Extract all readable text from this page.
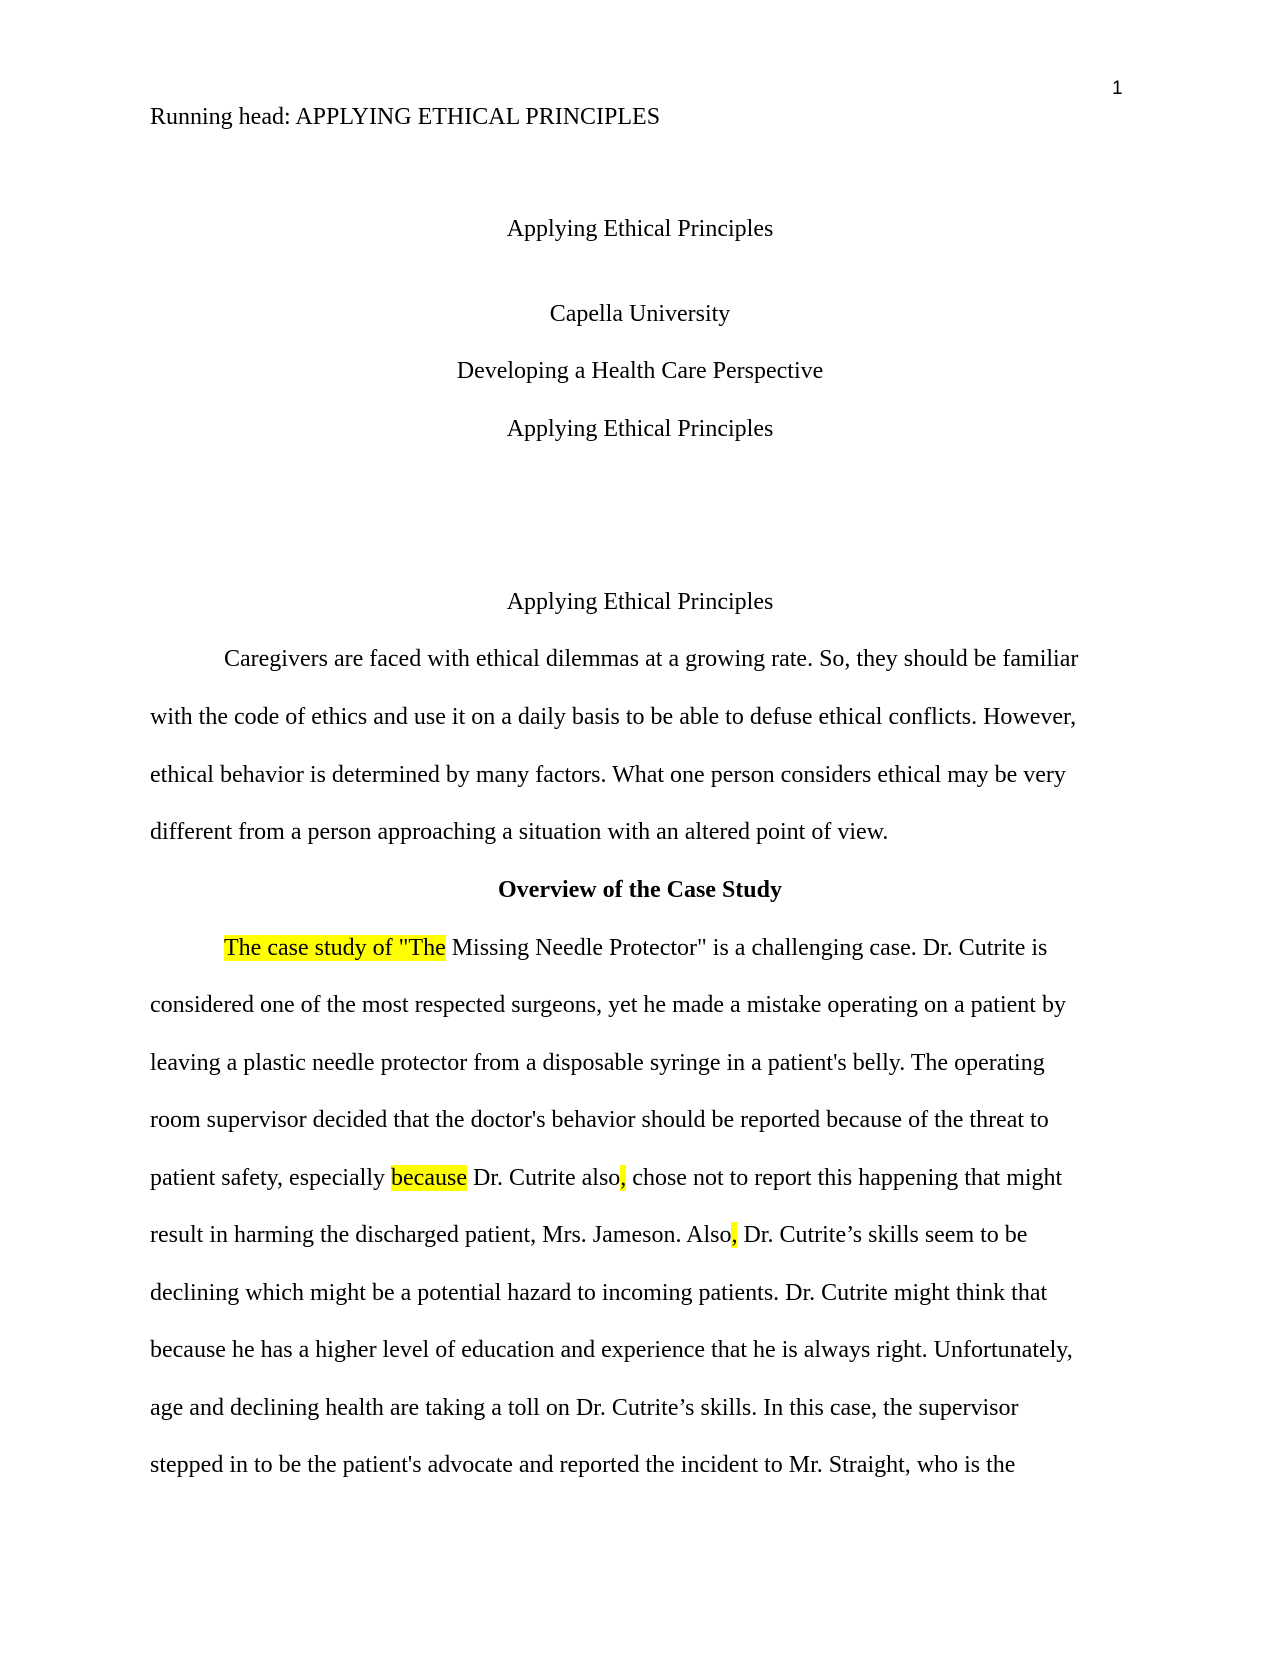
1
Running head: APPLYING ETHICAL PRINCIPLES
Applying Ethical Principles
Capella University
Developing a Health Care Perspective
Applying Ethical Principles
Applying Ethical Principles
Caregivers are faced with ethical dilemmas at a growing rate. So, they should be familiar
with the code of ethics and use it on a daily basis to be able to defuse ethical conflicts. However,
ethical behavior is determined by many factors. What one person considers ethical may be very
different from a person approaching a situation with an altered point of view.
Overview of the Case Study
The case study of "The Missing Needle Protector" is a challenging case. Dr. Cutrite is
considered one of the most respected surgeons, yet he made a mistake operating on a patient by
leaving a plastic needle protector from a disposable syringe in a patient's belly. The operating
room supervisor decided that the doctor's behavior should be reported because of the threat to
patient safety, especially because Dr. Cutrite also, chose not to report this happening that might
result in harming the discharged patient, Mrs. Jameson. Also, Dr. Cutrite’s skills seem to be
declining which might be a potential hazard to incoming patients. Dr. Cutrite might think that
because he has a higher level of education and experience that he is always right. Unfortunately,
age and declining health are taking a toll on Dr. Cutrite’s skills. In this case, the supervisor
stepped in to be the patient's advocate and reported the incident to Mr. Straight, who is the
